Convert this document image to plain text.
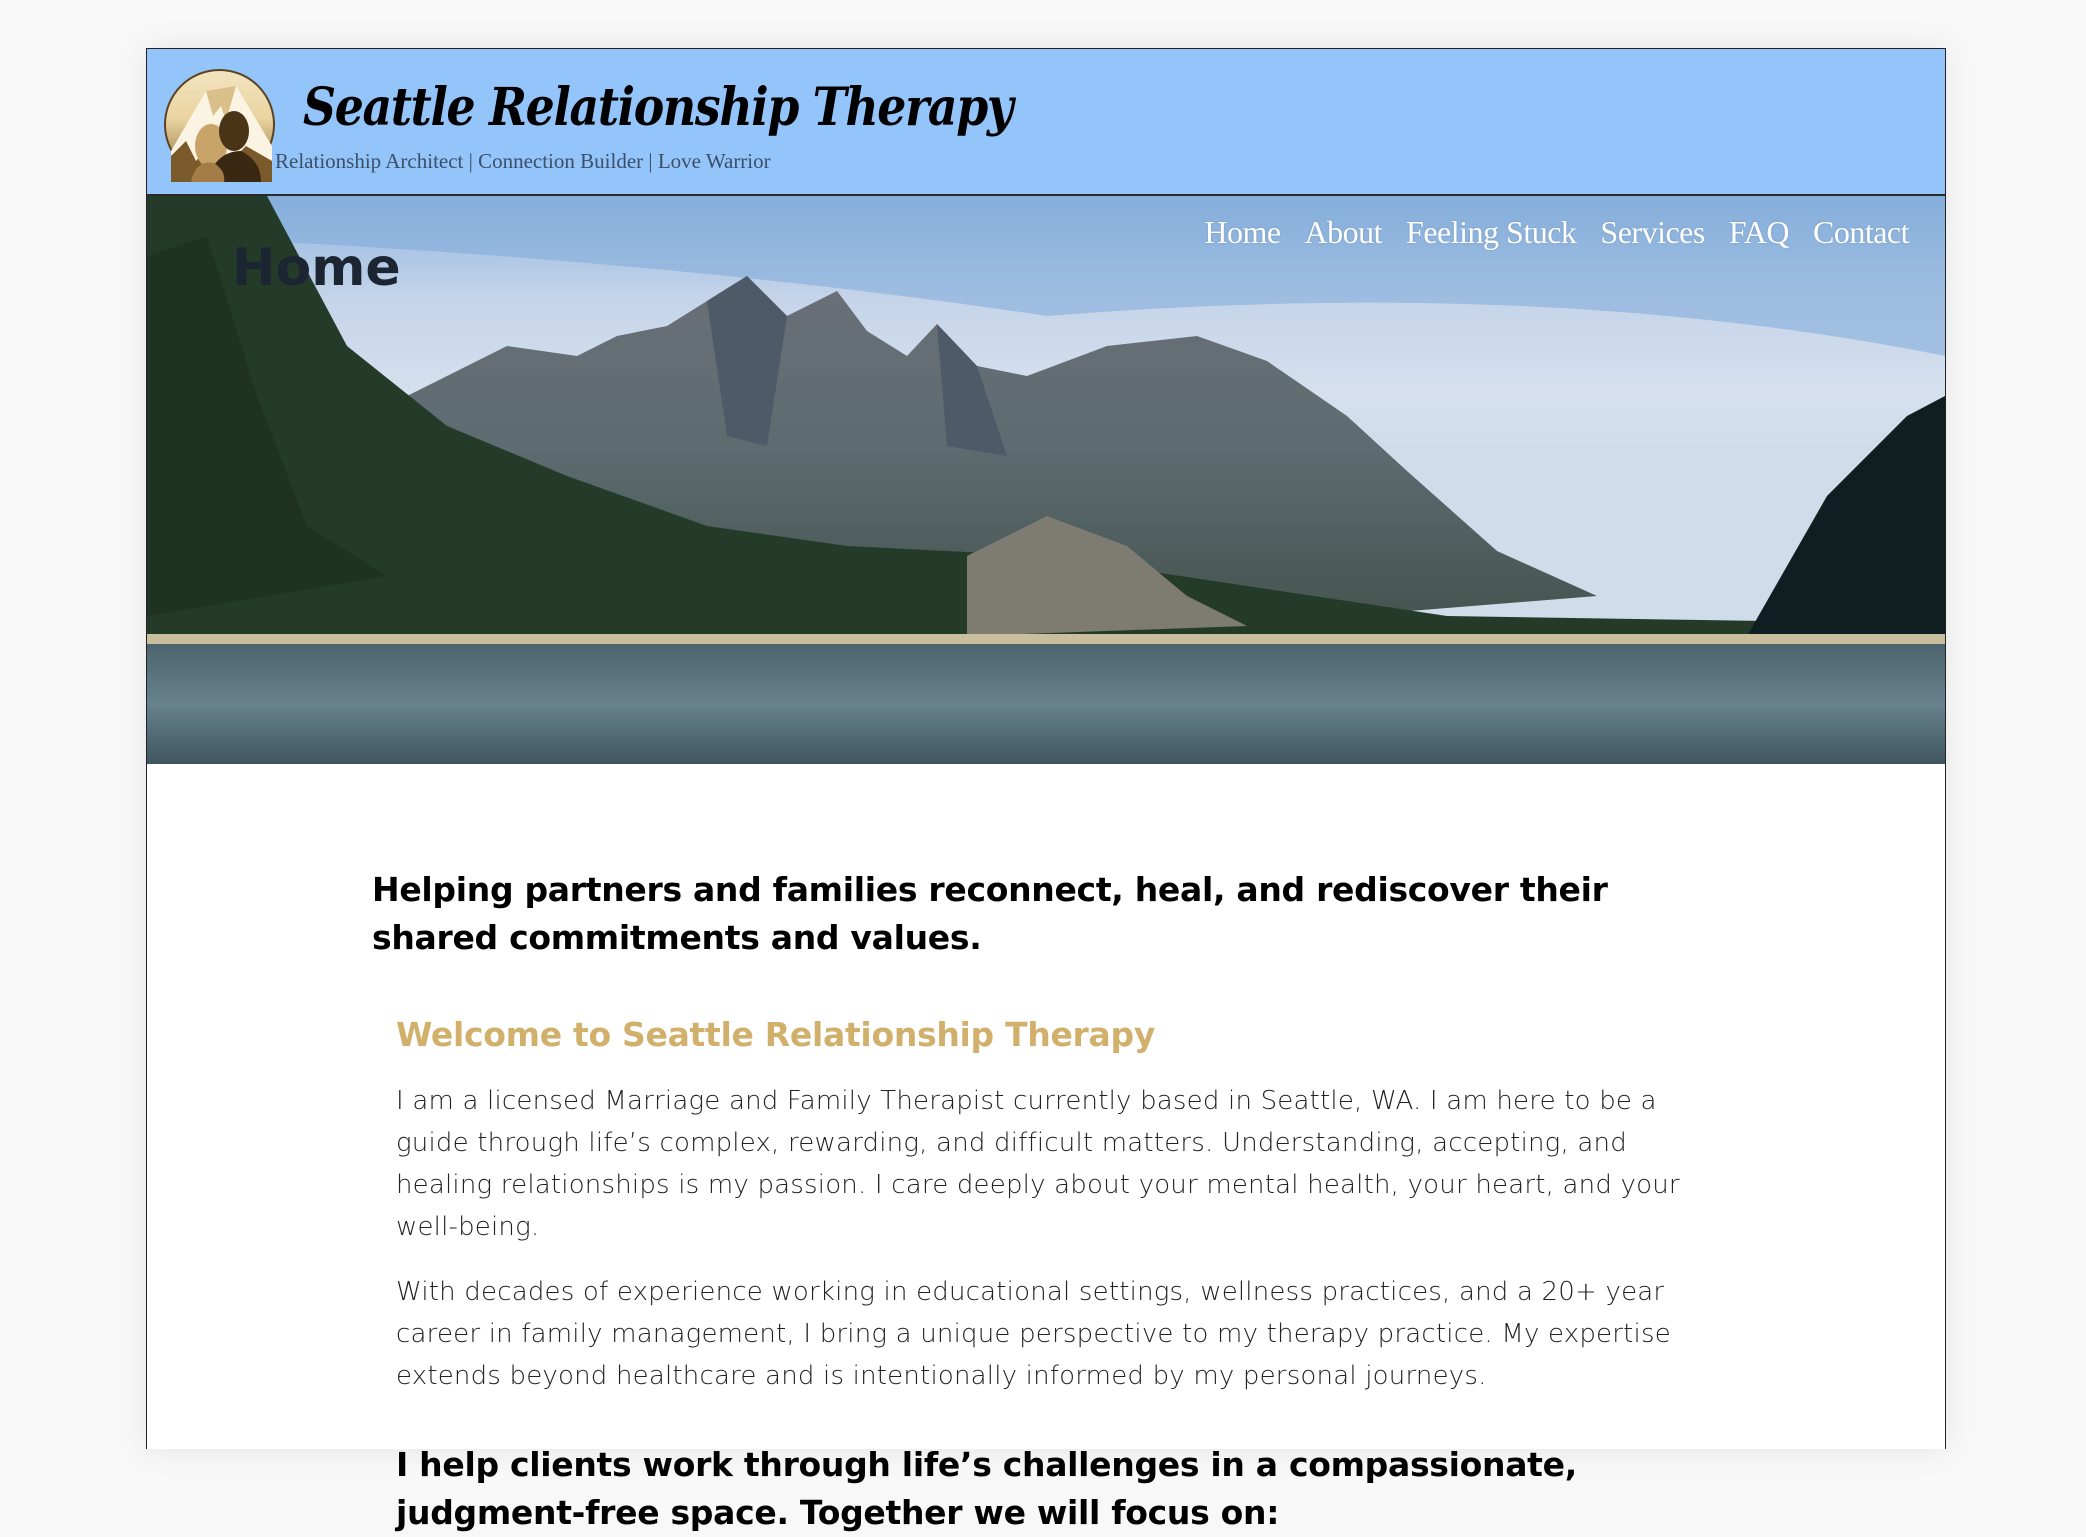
Seattle Relationship Therapy
Relationship Architect | Connection Builder | Love Warrior
Home
Home About Feeling Stuck Services FAQ Contact
Helping partners and families reconnect, heal, and rediscover their shared commitments and values.
Welcome to Seattle Relationship Therapy

I am a licensed Marriage and Family Therapist currently based in Seattle, WA. I am here to be a guide through life’s complex, rewarding, and difficult matters. Understanding, accepting, and healing relationships is my passion. I care deeply about your mental health, your heart, and your well-being.

With decades of experience working in educational settings, wellness practices, and a 20+ year career in family management, I bring a unique perspective to my therapy practice. My expertise extends beyond healthcare and is intentionally informed by my personal journeys.

I help clients work through life’s challenges in a compassionate, judgment-free space. Together we will focus on:
